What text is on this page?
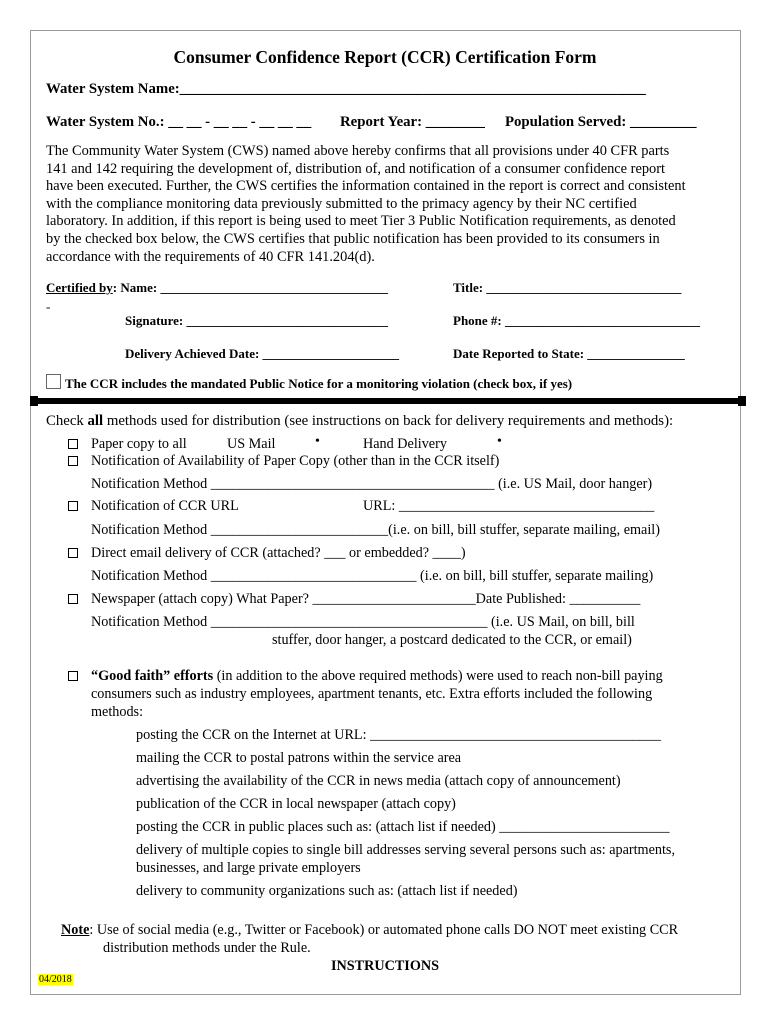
Consumer Confidence Report (CCR) Certification Form
Water System Name:_______________________________________________________________
Water System No.: __ __ - __ __ - __ __ __ Report Year: ________ Population Served: _________

The Community Water System (CWS) named above hereby confirms that all provisions under 40 CFR parts

141 and 142 requiring the development of, distribution of, and notification of a consumer confidence report

have been executed. Further, the CWS certifies the information contained in the report is correct and consistent

with the compliance monitoring data previously submitted to the primacy agency by their NC certified

laboratory. In addition, if this report is being used to meet Tier 3 Public Notification requirements, as denoted

by the checked box below, the CWS certifies that public notification has been provided to its consumers in

accordance with the requirements of 40 CFR 141.204(d).

Certified by: Name: ___________________________________	Title: ______________________________
-
Signature: _______________________________	Phone #: ______________________________
Delivery Achieved Date: _____________________	Date Reported to State: _______________
The CCR includes the mandated Public Notice for a monitoring violation (check box, if yes)
Check all methods used for distribution (see instructions on back for delivery requirements and methods):
Paper copy to all	US Mail	•	Hand Delivery	•
Notification of Availability of Paper Copy (other than in the CCR itself)
Notification Method ________________________________________ (i.e. US Mail, door hanger)
Notification of CCR URL	URL: ____________________________________
Notification Method _________________________(i.e. on bill, bill stuffer, separate mailing, email)
Direct email delivery of CCR (attached? ___ or embedded? ____)
Notification Method _____________________________ (i.e. on bill, bill stuffer, separate mailing)
Newspaper (attach copy) What Paper? _______________________Date Published: __________
Notification Method _______________________________________ (i.e. US Mail, on bill, bill
stuffer, door hanger, a postcard dedicated to the CCR, or email)
“Good faith” efforts (in addition to the above required methods) were used to reach non-bill paying
consumers such as industry employees, apartment tenants, etc. Extra efforts included the following
methods:
posting the CCR on the Internet at URL: _________________________________________
mailing the CCR to postal patrons within the service area
advertising the availability of the CCR in news media (attach copy of announcement)
publication of the CCR in local newspaper (attach copy)
posting the CCR in public places such as: (attach list if needed) ________________________
delivery of multiple copies to single bill addresses serving several persons such as: apartments,
businesses, and large private employers
delivery to community organizations such as: (attach list if needed)
Note: Use of social media (e.g., Twitter or Facebook) or automated phone calls DO NOT meet existing CCR
distribution methods under the Rule.
INSTRUCTIONS
04/2018
